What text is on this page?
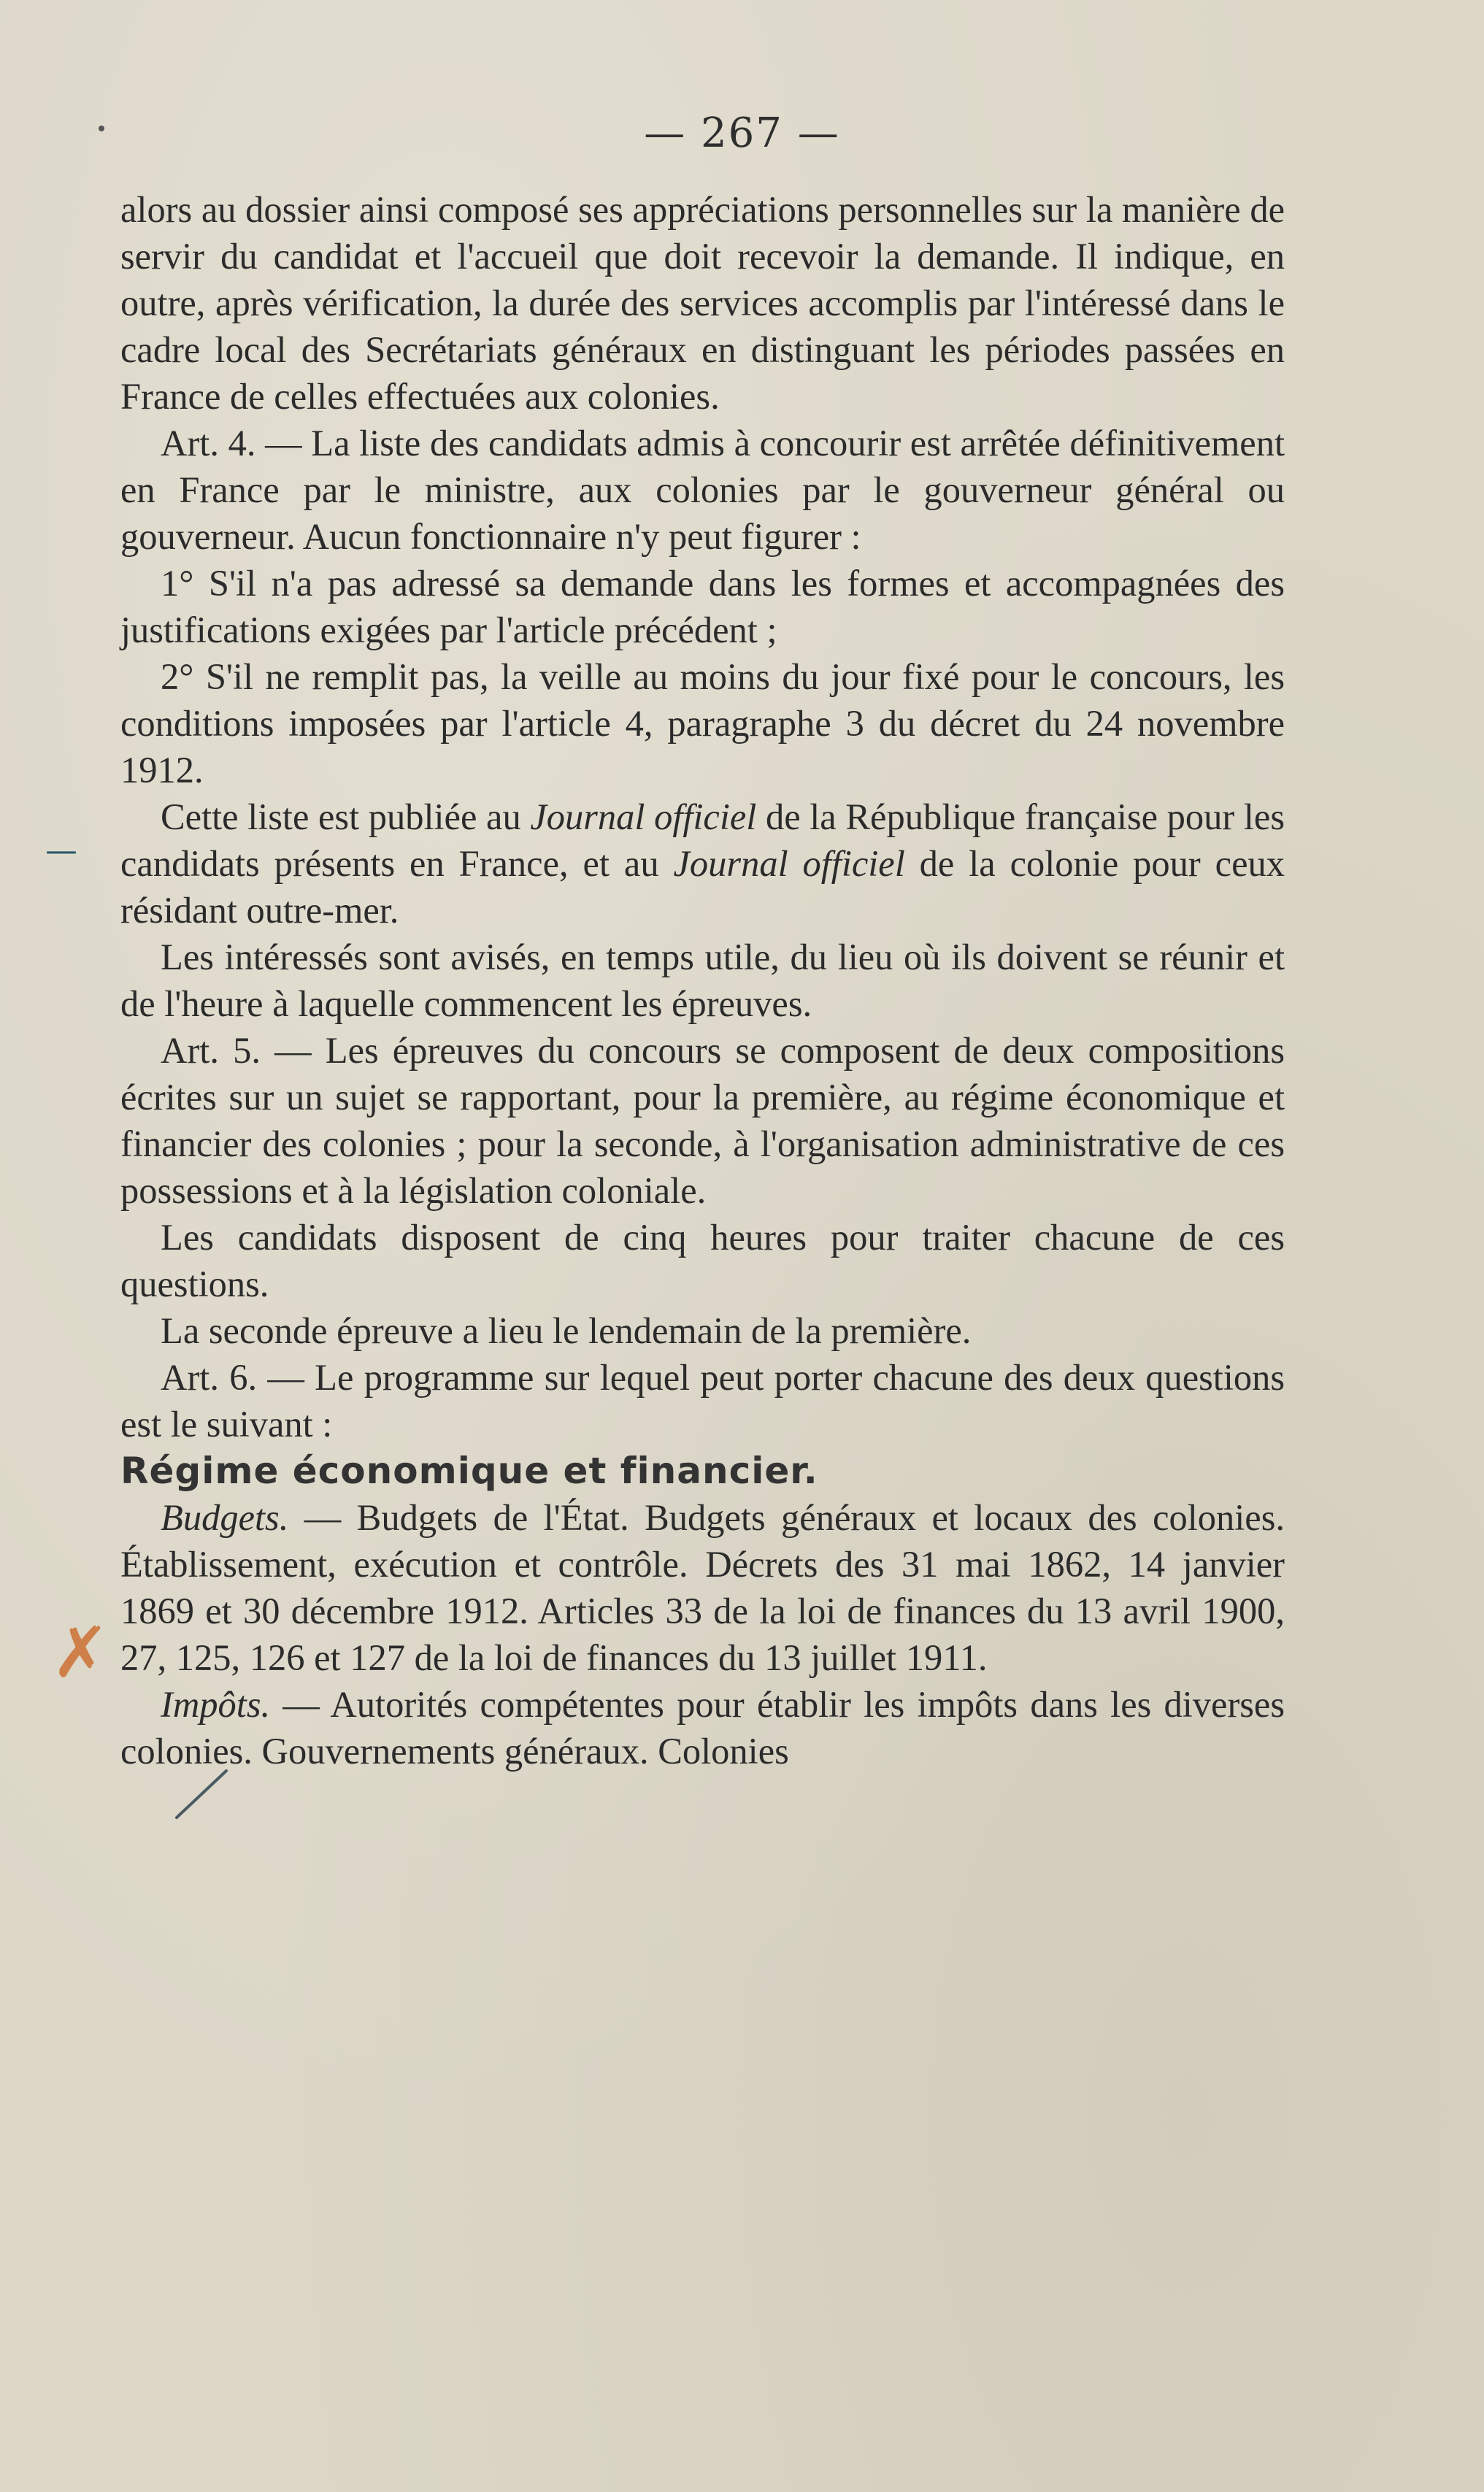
— 267 —
—
✗

alors au dossier ainsi composé ses appréciations personnelles sur la manière de servir du candidat et l'accueil que doit recevoir la demande. Il indique, en outre, après vérification, la durée des services accomplis par l'intéressé dans le cadre local des Secrétariats généraux en distinguant les périodes passées en France de celles effectuées aux colonies.

Art. 4. — La liste des candidats admis à concourir est arrêtée définitivement en France par le ministre, aux colonies par le gouverneur général ou gouverneur. Aucun fonctionnaire n'y peut figurer :

1° S'il n'a pas adressé sa demande dans les formes et accompagnées des justifications exigées par l'article précédent ;

2° S'il ne remplit pas, la veille au moins du jour fixé pour le concours, les conditions imposées par l'article 4, paragraphe 3 du décret du 24 novembre 1912.

Cette liste est publiée au Journal officiel de la République française pour les candidats présents en France, et au Journal officiel de la colonie pour ceux résidant outre-mer.

Les intéressés sont avisés, en temps utile, du lieu où ils doivent se réunir et de l'heure à laquelle commencent les épreuves.

Art. 5. — Les épreuves du concours se composent de deux compositions écrites sur un sujet se rapportant, pour la première, au régime économique et financier des colonies ; pour la seconde, à l'organisation administrative de ces possessions et à la législation coloniale.

Les candidats disposent de cinq heures pour traiter chacune de ces questions.

La seconde épreuve a lieu le lendemain de la première.

Art. 6. — Le programme sur lequel peut porter chacune des deux questions est le suivant :

Régime économique et financier.

Budgets. — Budgets de l'État. Budgets généraux et locaux des colonies. Établissement, exécution et contrôle. Décrets des 31 mai 1862, 14 janvier 1869 et 30 décembre 1912. Articles 33 de la loi de finances du 13 avril 1900, 27, 125, 126 et 127 de la loi de finances du 13 juillet 1911.

Impôts. — Autorités compétentes pour établir les impôts dans les diverses colonies. Gouvernements généraux. Colonies
